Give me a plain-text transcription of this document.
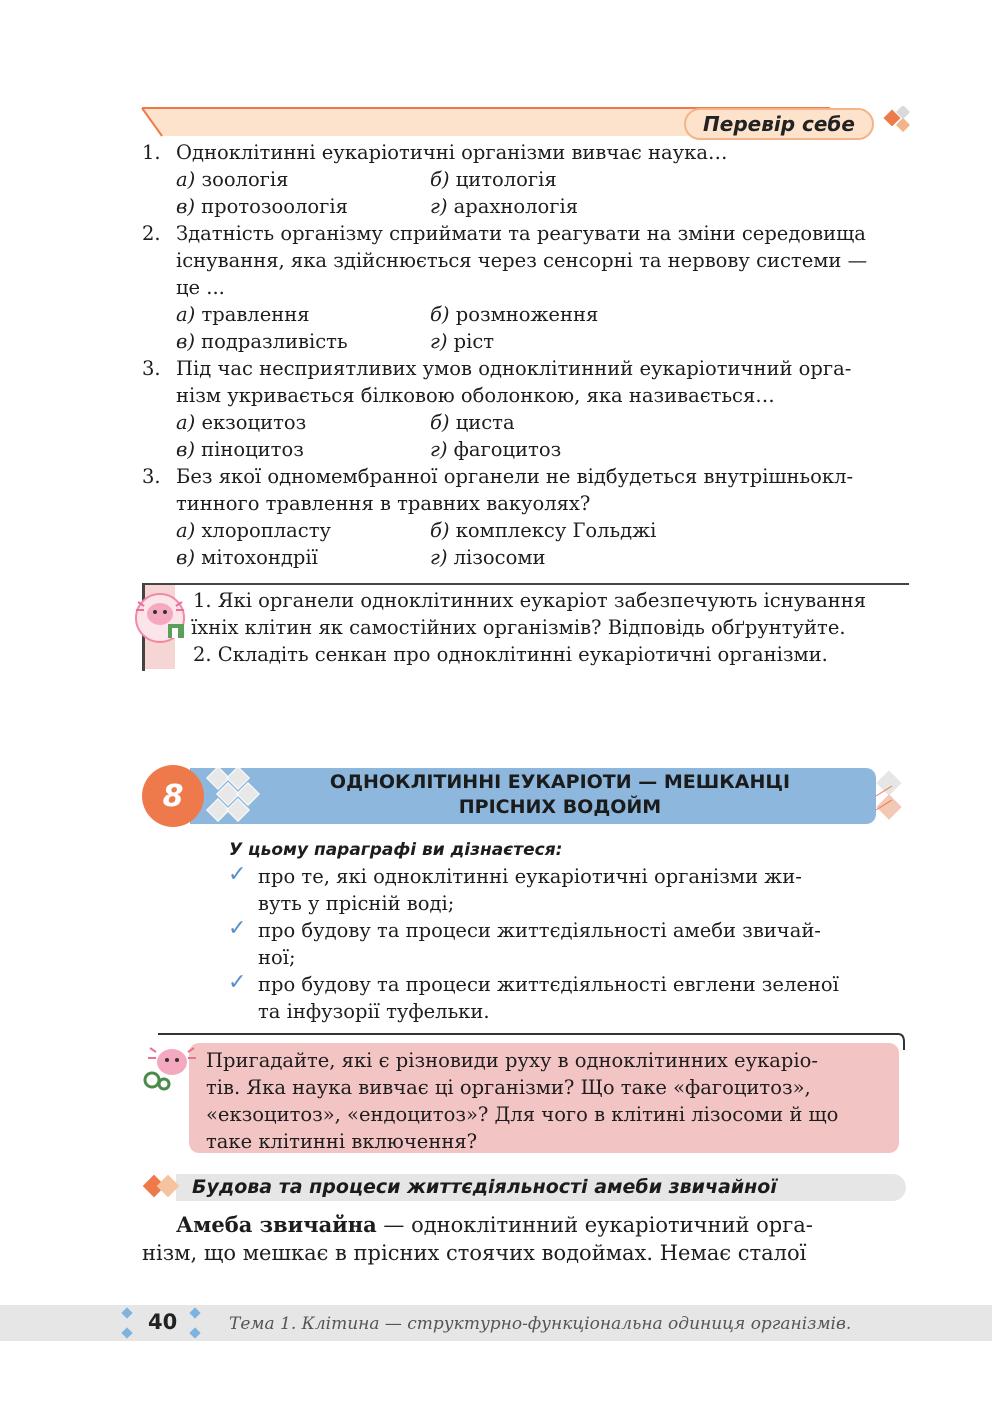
Перевір себе
1. Одноклітинні еукаріотичні організми вивчає наука…
а) зоологія	б) цитологія
в) протозоологія	г) арахнологія
2. Здатність організму сприймати та реагувати на зміни середовища
існування, яка здійснюється через сенсорні та нервову системи —
це ...
а) травлення	б) розмноження
в) подразливість	г) ріст
3. Під час несприятливих умов одноклітинний еукаріотичний орга-
нізм укривається білковою оболонкою, яка називається…
а) екзоцитоз	б) циста
в) піноцитоз	г) фагоцитоз
3. Без якої одномембранної органели не відбудеться внутрішньокл-
тинного травлення в травних вакуолях?
а) хлоропласту	б) комплексу Гольджі
в) мітохондрії	г) лізосоми
1. Які органели одноклітинних еукаріот забезпечують існування
їхніх клітин як самостійних організмів? Відповідь обґрунтуйте.
2. Складіть сенкан про одноклітинні еукаріотичні організми.
8	ОДНОКЛІТИННІ ЕУКАРІОТИ — МЕШКАНЦІ
ПРІСНИХ ВОДОЙМ
У цьому параграфі ви дізнаєтеся:
✓ про те, які одноклітинні еукаріотичні організми жи-
вуть у прісній воді;
✓ про будову та процеси життєдіяльності амеби звичай-
ної;
✓ про будову та процеси життєдіяльності евглени зеленої
та інфузорії туфельки.
Пригадайте, які є різновиди руху в одноклітинних еукаріо-
тів. Яка наука вивчає ці організми? Що таке «фагоцитоз»,
«екзоцитоз», «ендоцитоз»? Для чого в клітині лізосоми й що
таке клітинні включення?
Будова та процеси життєдіяльності амеби звичайної
Амеба звичайна — одноклітинний еукаріотичний орга-
нізм, що мешкає в прісних стоячих водоймах. Немає сталої
40	Тема 1. Клітина — структурно-функціональна одиниця організмів.
